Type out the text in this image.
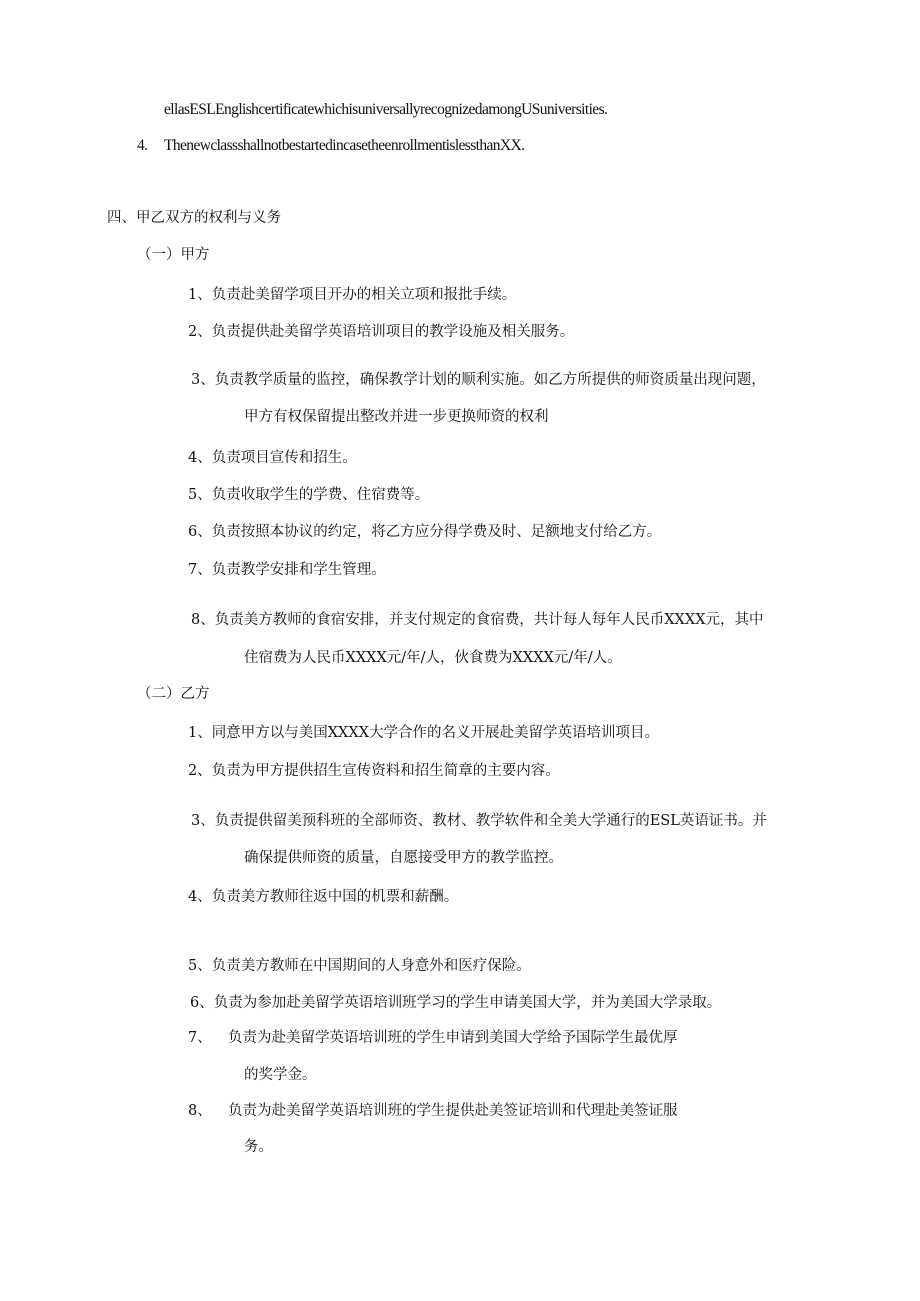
ellasESLEnglishcertificatewhichisuniversallyrecognizedamongUSuniversities.
4. ThenewclassshallnotbestartedincasetheenrollmentislessthanXX.
四、甲乙双方的权利与义务
（一）甲方
1、负责赴美留学项目开办的相关立项和报批手续。
2、负责提供赴美留学英语培训项目的教学设施及相关服务。
3、负责教学质量的监控，确保教学计划的顺利实施。如乙方所提供的师资质量出现问题，
甲方有权保留提出整改并进一步更换师资的权利
4、负责项目宣传和招生。
5、负责收取学生的学费、住宿费等。
6、负责按照本协议的约定，将乙方应分得学费及时、足额地支付给乙方。
7、负责教学安排和学生管理。
8、负责美方教师的食宿安排，并支付规定的食宿费，共计每人每年人民币XXXX元，其中
住宿费为人民币XXXX元/年/人，伙食费为XXXX元/年/人。
（二）乙方
1、同意甲方以与美国XXXX大学合作的名义开展赴美留学英语培训项目。
2、负责为甲方提供招生宣传资料和招生简章的主要内容。
3、负责提供留美预科班的全部师资、教材、教学软件和全美大学通行的ESL英语证书。并
确保提供师资的质量，自愿接受甲方的教学监控。
4、负责美方教师往返中国的机票和薪酬。
5、负责美方教师在中国期间的人身意外和医疗保险。
6、负责为参加赴美留学英语培训班学习的学生申请美国大学，并为美国大学录取。
7、 负责为赴美留学英语培训班的学生申请到美国大学给予国际学生最优厚
的奖学金。
8、 负责为赴美留学英语培训班的学生提供赴美签证培训和代理赴美签证服
务。
